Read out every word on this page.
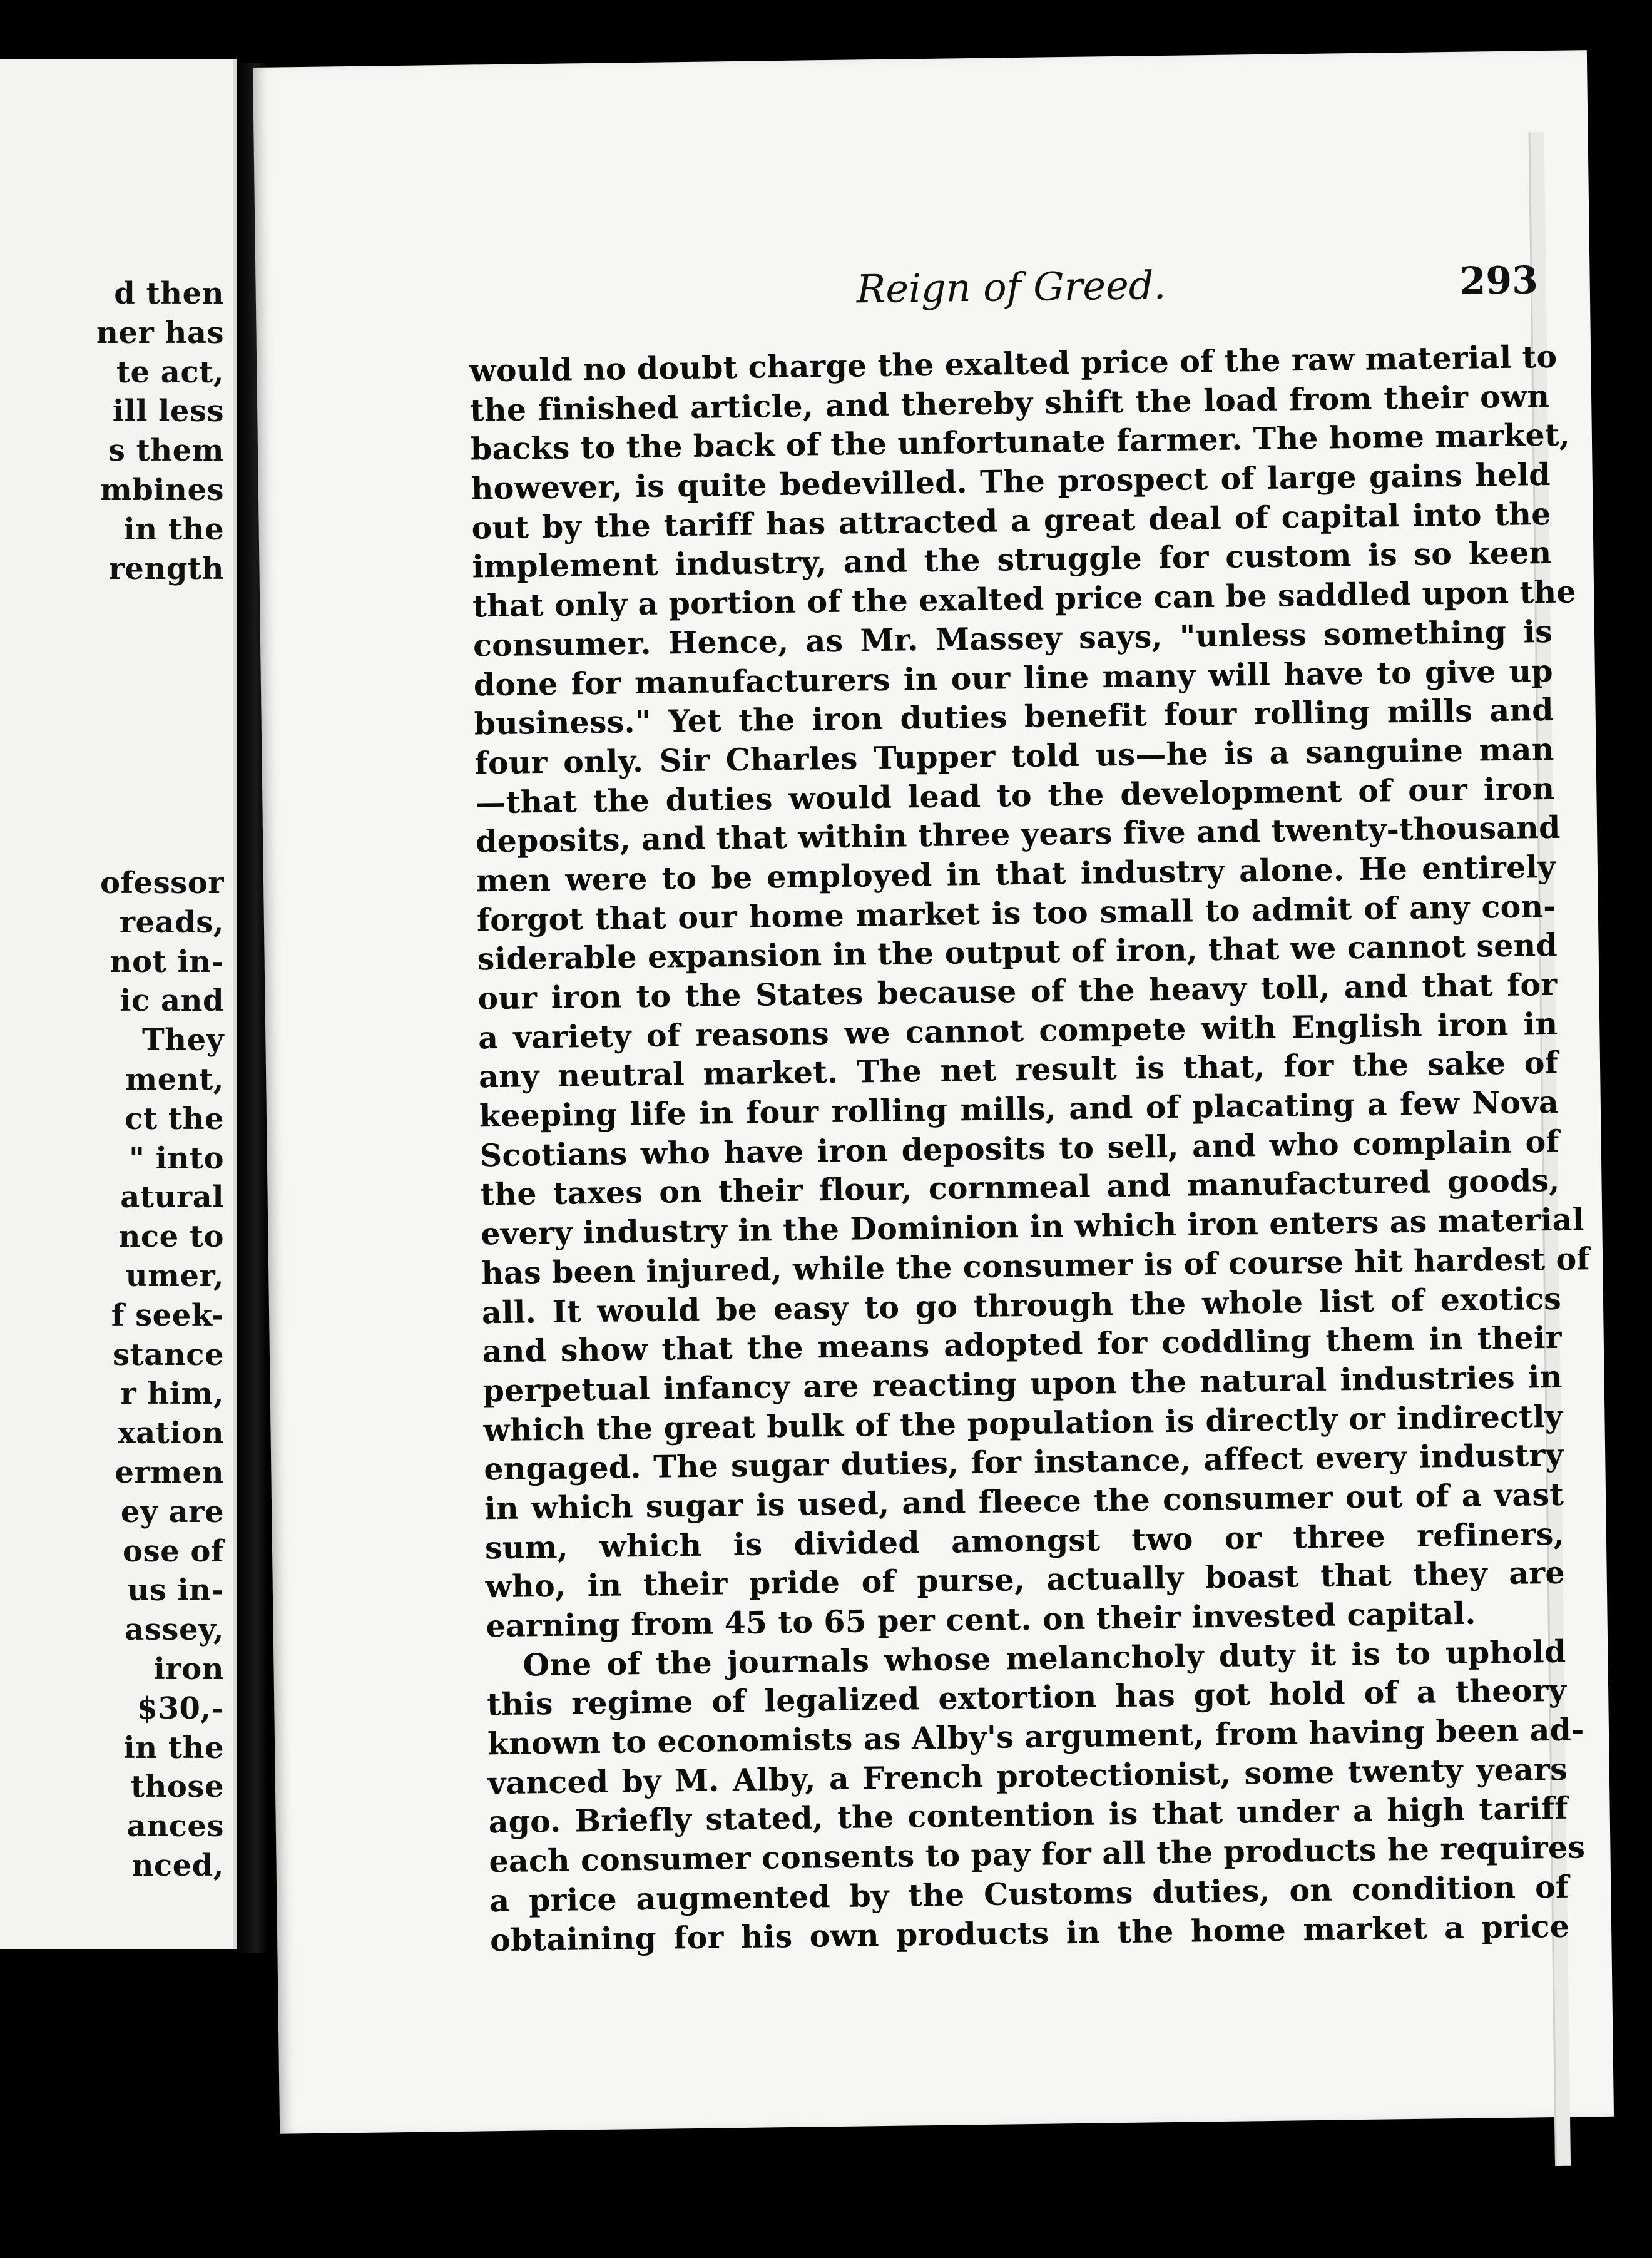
d then
ner has
te act,
ill less
s them
mbines
in the
rength
ofessor
reads,
not in-
ic and
They
ment,
ct the
" into
atural
nce to
umer,
f seek-
stance
r him,
xation
ermen
ey are
ose of
us in-
assey,
iron
$30,-
in the
those
ances
nced,
Reign of Greed.	293
would no doubt charge the exalted price of the raw material to
the finished article, and thereby shift the load from their own
backs to the back of the unfortunate farmer. The home market,
however, is quite bedevilled. The prospect of large gains held
out by the tariff has attracted a great deal of capital into the
implement industry, and the struggle for custom is so keen
that only a portion of the exalted price can be saddled upon the
consumer. Hence, as Mr. Massey says, "unless something is
done for manufacturers in our line many will have to give up
business." Yet the iron duties benefit four rolling mills and
four only. Sir Charles Tupper told us—he is a sanguine man
—that the duties would lead to the development of our iron
deposits, and that within three years five and twenty-thousand
men were to be employed in that industry alone. He entirely
forgot that our home market is too small to admit of any con-
siderable expansion in the output of iron, that we cannot send
our iron to the States because of the heavy toll, and that for
a variety of reasons we cannot compete with English iron in
any neutral market. The net result is that, for the sake of
keeping life in four rolling mills, and of placating a few Nova
Scotians who have iron deposits to sell, and who complain of
the taxes on their flour, cornmeal and manufactured goods,
every industry in the Dominion in which iron enters as material
has been injured, while the consumer is of course hit hardest of
all. It would be easy to go through the whole list of exotics
and show that the means adopted for coddling them in their
perpetual infancy are reacting upon the natural industries in
which the great bulk of the population is directly or indirectly
engaged. The sugar duties, for instance, affect every industry
in which sugar is used, and fleece the consumer out of a vast
sum, which is divided amongst two or three refiners,
who, in their pride of purse, actually boast that they are
earning from 45 to 65 per cent. on their invested capital.
One of the journals whose melancholy duty it is to uphold
this regime of legalized extortion has got hold of a theory
known to economists as Alby's argument, from having been ad-
vanced by M. Alby, a French protectionist, some twenty years
ago. Briefly stated, the contention is that under a high tariff
each consumer consents to pay for all the products he requires
a price augmented by the Customs duties, on condition of
obtaining for his own products in the home market a price
